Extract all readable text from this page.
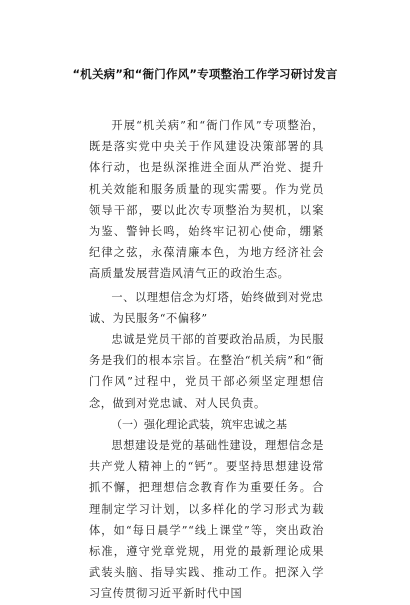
“机关病”和“衙门作风”专项整治工作学习研讨发言

开展“机关病”和“衙门作风”专项整治，既是落实党中央关于作风建设决策部署的具体行动，也是纵深推进全面从严治党、提升机关效能和服务质量的现实需要。作为党员领导干部，要以此次专项整治为契机，以案为鉴、警钟长鸣，始终牢记初心使命，绷紧纪律之弦，永葆清廉本色，为地方经济社会高质量发展营造风清气正的政治生态。

一、以理想信念为灯塔，始终做到对党忠诚、为民服务“不偏移”

忠诚是党员干部的首要政治品质，为民服务是我们的根本宗旨。在整治“机关病”和“衙门作风”过程中，党员干部必须坚定理想信念，做到对党忠诚、对人民负责。

（一）强化理论武装，筑牢忠诚之基

思想建设是党的基础性建设，理想信念是共产党人精神上的“钙”。要坚持思想建设常抓不懈，把理想信念教育作为重要任务。合理制定学习计划，以多样化的学习形式为载体，如“每日晨学”“线上课堂”等，突出政治标准，遵守党章党规，用党的最新理论成果武装头脑、指导实践、推动工作。把深入学习宣传贯彻习近平新时代中国
